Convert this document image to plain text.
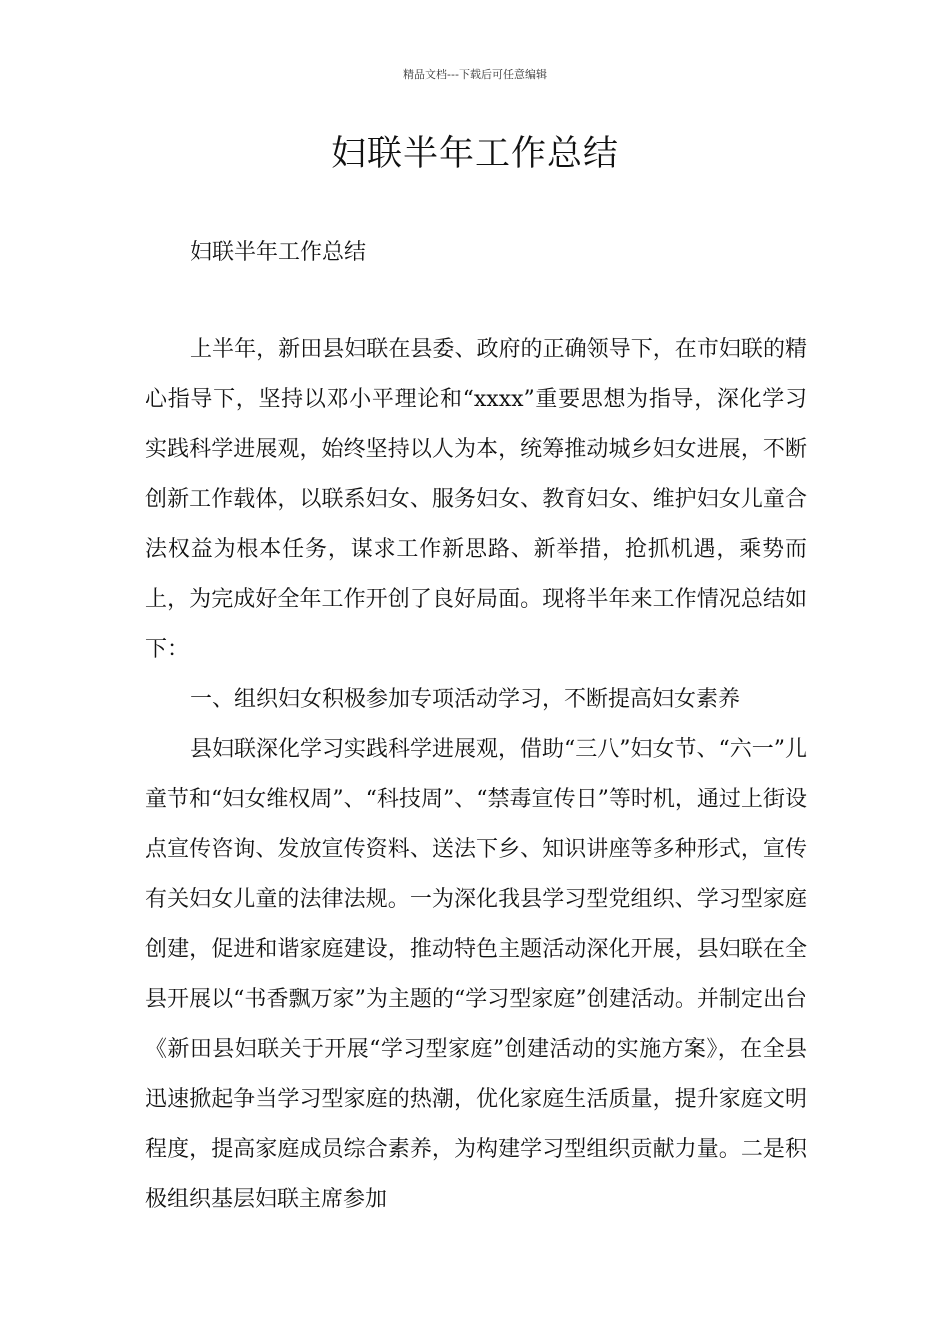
精品文档---下载后可任意编辑
妇联半年工作总结
妇联半年工作总结

上半年，新田县妇联在县委、政府的正确领导下，在市妇联的精心指导下，坚持以邓小平理论和“xxxx”重要思想为指导，深化学习实践科学进展观，始终坚持以人为本，统筹推动城乡妇女进展，不断创新工作载体，以联系妇女、服务妇女、教育妇女、维护妇女儿童合法权益为根本任务，谋求工作新思路、新举措，抢抓机遇，乘势而上，为完成好全年工作开创了良好局面。现将半年来工作情况总结如下：

一、组织妇女积极参加专项活动学习，不断提高妇女素养

县妇联深化学习实践科学进展观，借助“三八”妇女节、“六一”儿童节和“妇女维权周”、“科技周”、“禁毒宣传日”等时机，通过上街设点宣传咨询、发放宣传资料、送法下乡、知识讲座等多种形式，宣传有关妇女儿童的法律法规。一为深化我县学习型党组织、学习型家庭创建，促进和谐家庭建设，推动特色主题活动深化开展，县妇联在全县开展以“书香飘万家”为主题的“学习型家庭”创建活动。并制定出台《新田县妇联关于开展“学习型家庭”创建活动的实施方案》，在全县迅速掀起争当学习型家庭的热潮，优化家庭生活质量，提升家庭文明程度，提高家庭成员综合素养，为构建学习型组织贡献力量。二是积极组织基层妇联主席参加
